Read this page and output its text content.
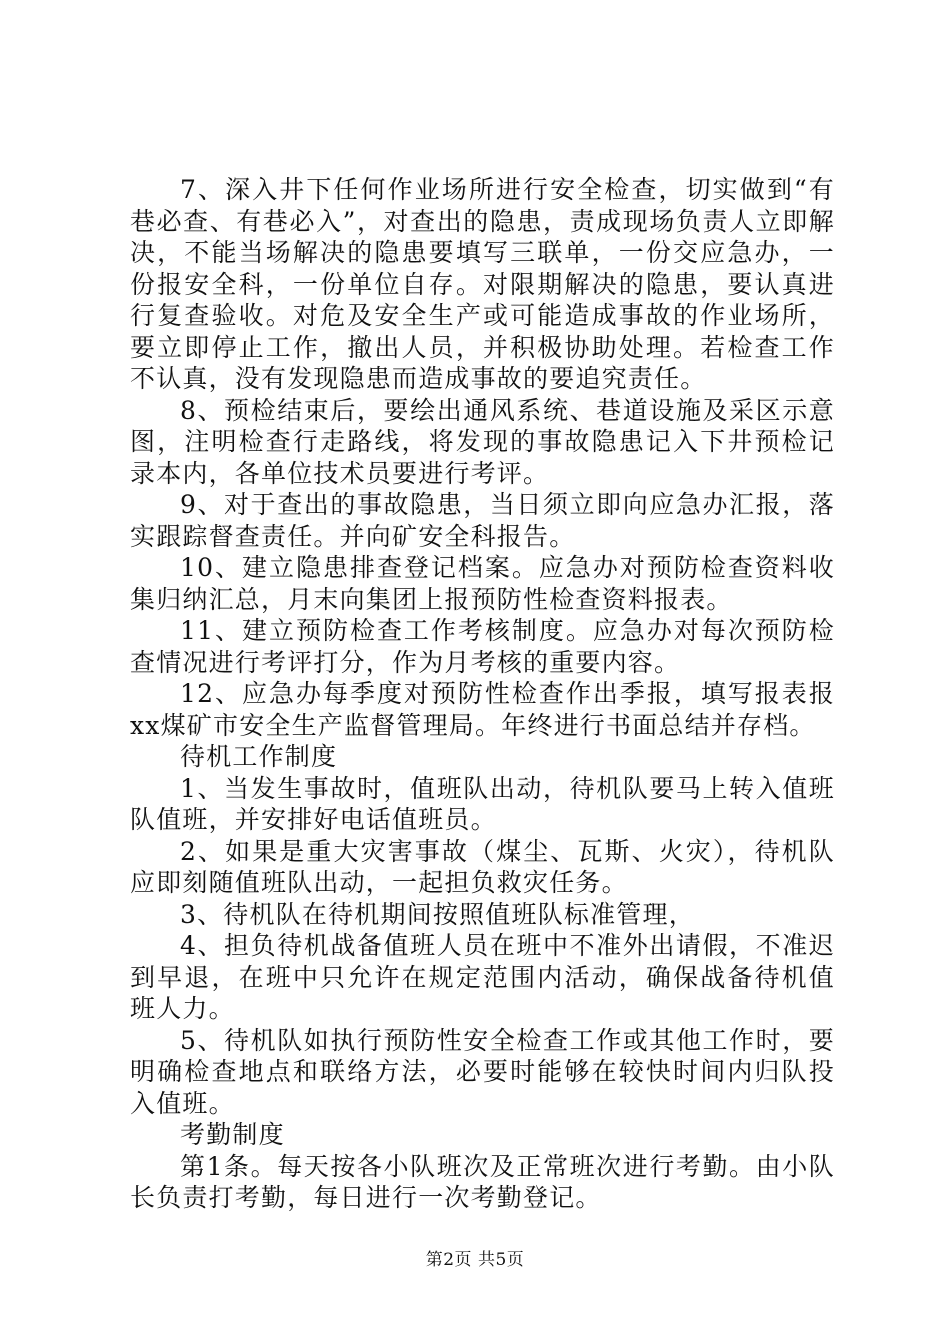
7、深入井下任何作业场所进行安全检查，切实做到“有巷必查、有巷必入”，对查出的隐患，责成现场负责人立即解决，不能当场解决的隐患要填写三联单，一份交应急办，一份报安全科，一份单位自存。对限期解决的隐患，要认真进行复查验收。对危及安全生产或可能造成事故的作业场所，要立即停止工作，撤出人员，并积极协助处理。若检查工作不认真，没有发现隐患而造成事故的要追究责任。

8、预检结束后，要绘出通风系统、巷道设施及采区示意图，注明检查行走路线，将发现的事故隐患记入下井预检记录本内，各单位技术员要进行考评。

9、对于查出的事故隐患，当日须立即向应急办汇报，落实跟踪督查责任。并向矿安全科报告。

10、建立隐患排查登记档案。应急办对预防检查资料收集归纳汇总，月末向集团上报预防性检查资料报表。

11、建立预防检查工作考核制度。应急办对每次预防检查情况进行考评打分，作为月考核的重要内容。

12、应急办每季度对预防性检查作出季报，填写报表报xx煤矿市安全生产监督管理局。年终进行书面总结并存档。

待机工作制度

1、当发生事故时，值班队出动，待机队要马上转入值班队值班，并安排好电话值班员。

2、如果是重大灾害事故（煤尘、瓦斯、火灾），待机队应即刻随值班队出动，一起担负救灾任务。

3、待机队在待机期间按照值班队标准管理，

4、担负待机战备值班人员在班中不准外出请假，不准迟到早退，在班中只允许在规定范围内活动，确保战备待机值班人力。

5、待机队如执行预防性安全检查工作或其他工作时，要明确检查地点和联络方法，必要时能够在较快时间内归队投入值班。

考勤制度

第1条。每天按各小队班次及正常班次进行考勤。由小队长负责打考勤，每日进行一次考勤登记。

第2页 共5页
